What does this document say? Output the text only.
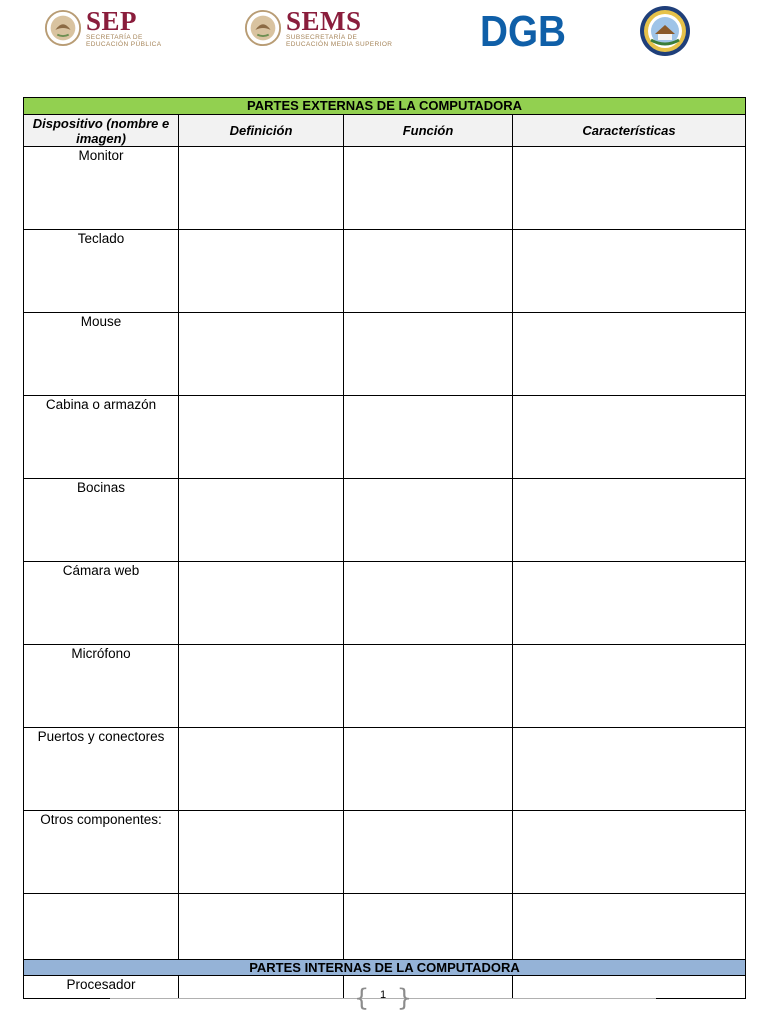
SEP
SECRETARÍA DE
EDUCACIÓN PÚBLICA
SEMS
SUBSECRETARÍA DE
EDUCACIÓN MEDIA SUPERIOR DGB
PARTES EXTERNAS DE LA COMPUTADORA			
Dispositivo (nombre e imagen)	Definición	Función	Características
Monitor			
Teclado			
Mouse			
Cabina o armazón			
Bocinas			
Cámara web			
Micrófono			
Puertos y conectores			
Otros componentes:			

PARTES INTERNAS DE LA COMPUTADORA			
Procesador				{ 1 }
